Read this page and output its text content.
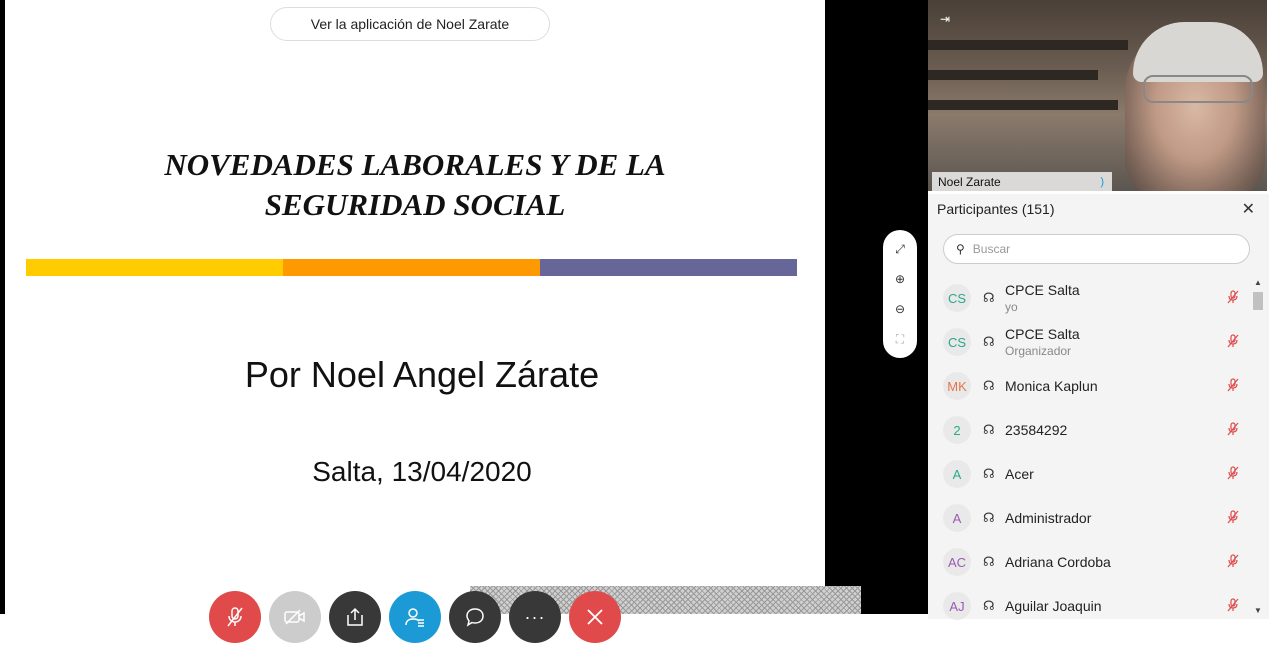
Ver la aplicación de Noel Zarate
NOVEDADES LABORALES Y DE LA
SEGURIDAD SOCIAL
Por Noel Angel Zárate
Salta, 13/04/2020
⤢
⊕
⊖
⛶
···
⇥
Noel Zarate	)
Participantes (151)	✕
⚲ Buscar
CS	☊ CPCE Salta
yo
CS	☊ CPCE Salta
Organizador
MK	☊ Monica Kaplun
2	☊ 23584292
A	☊ Acer
A	☊ Administrador
AC	☊ Adriana Cordoba
AJ	☊ Aguilar Joaquin
▲
▼
